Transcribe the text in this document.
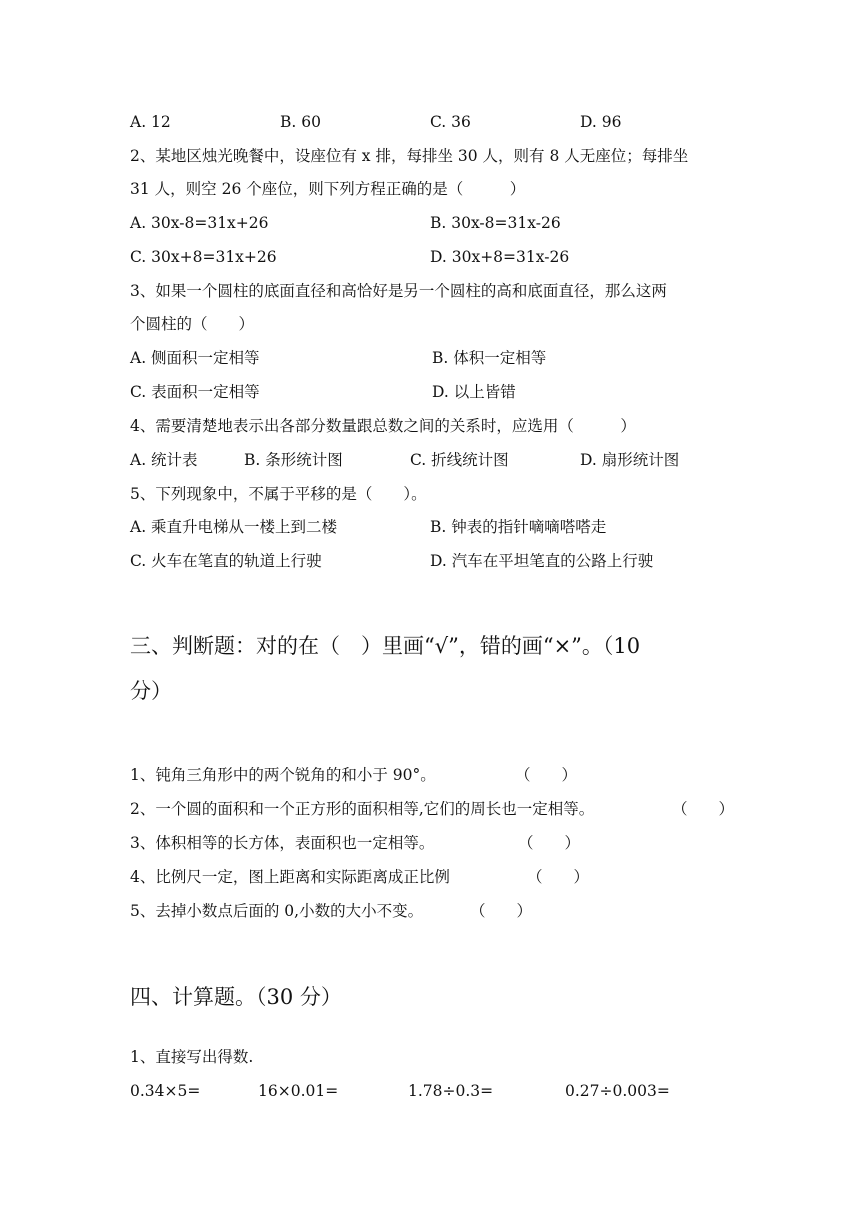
A. 12	B. 60	C. 36	D. 96
2、某地区烛光晚餐中，设座位有 x 排，每排坐 30 人，则有 8 人无座位；每排坐
31 人，则空 26 个座位，则下列方程正确的是（　　　）
A. 30x-8=31x+26	B. 30x-8=31x-26
C. 30x+8=31x+26	D. 30x+8=31x-26
3、如果一个圆柱的底面直径和高恰好是另一个圆柱的高和底面直径，那么这两
个圆柱的（　　）
A. 侧面积一定相等	B. 体积一定相等
C. 表面积一定相等	D. 以上皆错
4、需要清楚地表示出各部分数量跟总数之间的关系时，应选用（　　　）
A. 统计表	B. 条形统计图	C. 折线统计图	D. 扇形统计图
5、下列现象中，不属于平移的是（　　）。
A. 乘直升电梯从一楼上到二楼	B. 钟表的指针嘀嘀嗒嗒走
C. 火车在笔直的轨道上行驶	D. 汽车在平坦笔直的公路上行驶
三、判断题：对的在（　）里画“√”，错的画“×”。（10
分）
1、钝角三角形中的两个锐角的和小于 90°。	（　　）
2、一个圆的面积和一个正方形的面积相等,它们的周长也一定相等。	（　　）
3、体积相等的长方体，表面积也一定相等。	（　　）
4、比例尺一定，图上距离和实际距离成正比例	（　　）
5、去掉小数点后面的 0,小数的大小不变。	（　　）
四、计算题。（30 分）
1、直接写出得数.
0.34×5=	16×0.01=	1.78÷0.3=	0.27÷0.003=
